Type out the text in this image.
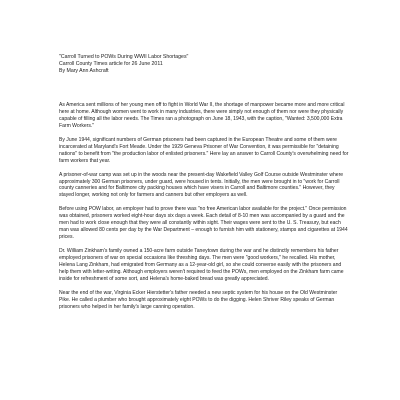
"Carroll Turned to POWs During WWII Labor Shortages"
Carroll County Times article for 26 June 2011
By Mary Ann Ashcraft

As America sent millions of her young men off to fight in World War II, the shortage of manpower became more and more critical here at home. Although women went to work in many industries, there were simply not enough of them nor were they physically capable of filling all the labor needs. The Times ran a photograph on June 18, 1943, with the caption, "Wanted: 3,500,000 Extra Farm Workers."

By June 1944, significant numbers of German prisoners had been captured in the European Theatre and some of them were incarcerated at Maryland's Fort Meade. Under the 1929 Geneva Prisoner of War Convention, it was permissible for "detaining nations" to benefit from "the production labor of enlisted prisoners." Here lay an answer to Carroll County's overwhelming need for farm workers that year.

A prisoner-of-war camp was set up in the woods near the present-day Wakefield Valley Golf Course outside Westminster where approximately 300 German prisoners, under guard, were housed in tents. Initially, the men were brought in to "work for Carroll county canneries and for Baltimore city packing houses which have visers in Carroll and Baltimore counties." However, they stayed longer, working not only for farmers and canners but other employers as well.

Before using POW labor, an employer had to prove there was "no free American labor available for the project." Once permission was obtained, prisoners worked eight-hour days six days a week. Each detail of 8-10 men was accompanied by a guard and the men had to work close enough that they were all constantly within sight. Their wages were sent to the U. S. Treasury, but each man was allowed 80 cents per day by the War Department – enough to furnish him with stationery, stamps and cigarettes at 1944 prices.

Dr. William Zinkham's family owned a 150-acre farm outside Taneytown during the war and he distinctly remembers his father employed prisoners of war on special occasions like threshing days. The men were "good workers," he recalled. His mother, Helena Lang Zinkham, had emigrated from Germany as a 12-year-old girl, so she could converse easily with the prisoners and help them with letter-writing. Although employers weren't required to feed the POWs, men employed on the Zinkham farm came inside for refreshment of some sort, and Helena's home-baked bread was greatly appreciated.

Near the end of the war, Virginia Ecker Hierstetter's father needed a new septic system for his house on the Old Westminster Pike. He called a plumber who brought approximately eight POWs to do the digging. Helen Shriver Riley speaks of German prisoners who helped in her family's large canning operation.
